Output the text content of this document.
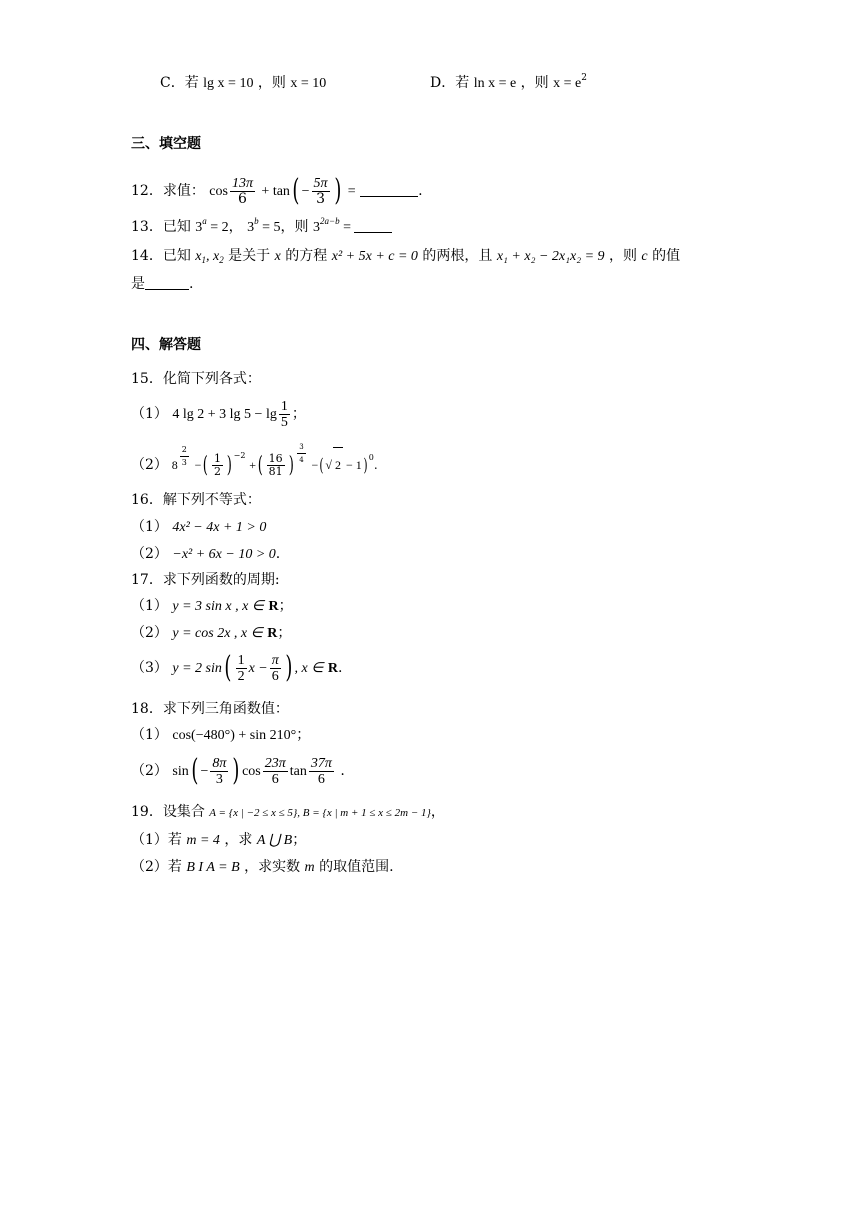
C．若 lg x = 10 ，则 x = 10	D．若 ln x = e ，则 $x = e^2$
三、填空题
12．求值： $\cos \frac{13\pi}{6} + \tan( - \frac{5\pi}{3}$ ) =	.
13．已知 $3^a = 2$， $3^b = 5$，则 $3^{2a-b}$ =
14．已知 $x_1$, $x_2$ 是关于 x 的方程 x² + 5x + c = 0 的两根，且 x₁ + x₂ − 2x₁x₂ = 9 ，则 c 的值
是	.
四、解答题
15．化简下列各式：
（1） 4 lg 2 + 3 $\lg 5 - \lg \frac{1}{5}$ ；
（2） $8 \frac{2}{3}$ −( $\frac{1}{2}$ ) $^{-2}$ +( $\frac{16}{81}$ ) $\frac{3}{4}$ −(√ 2 − 1)$^0$.
16．解下列不等式：
（1） 4x² − 4x + 1 > 0
（2） −x² + 6x − 10 > 0.
17．求下列函数的周期:
（1） y = 3 sin x , x ∈ R；
（2） y = cos 2x , x ∈ R；
（3） y = 2 $\sin( \frac{1}{2}$ $x - \frac{\pi}{6}$ ) , x ∈ R.
18．求下列三角函数值：
（1） cos(−480°) + sin 210°；
（2） $\sin( - \frac{8\pi}{3}$ ) $\cos \frac{23\pi}{6}$ $\tan \frac{37\pi}{6}$ .
19．设集合 A = {x | −2 ≤ x ≤ 5}, B = {x | m + 1 ≤ x ≤ 2m − 1}，
（1）若 m = 4 ，求 A ⋃ B；
（2）若 B I A = B ，求实数 m 的取值范围.
